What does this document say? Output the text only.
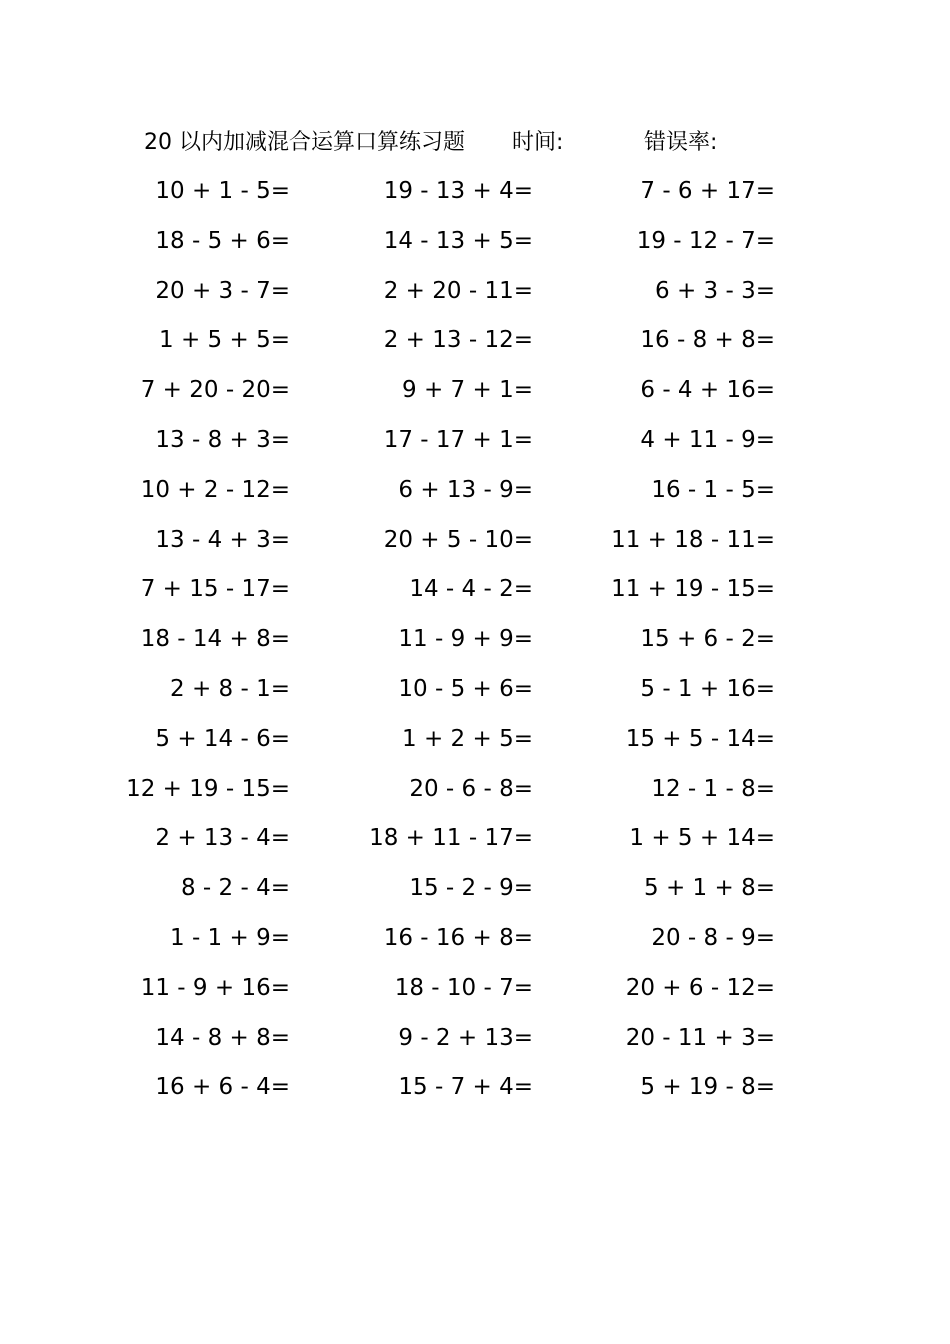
20 以内加减混合运算口算练习题 时间:	错误率:
10 + 1 - 5=	19 - 13 + 4=	7 - 6 + 17=
18 - 5 + 6=	14 - 13 + 5=	19 - 12 - 7=
20 + 3 - 7=	2 + 20 - 11=	6 + 3 - 3=
1 + 5 + 5=	2 + 13 - 12=	16 - 8 + 8=
7 + 20 - 20=	9 + 7 + 1=	6 - 4 + 16=
13 - 8 + 3=	17 - 17 + 1=	4 + 11 - 9=
10 + 2 - 12=	6 + 13 - 9=	16 - 1 - 5=
13 - 4 + 3=	20 + 5 - 10=	11 + 18 - 11=
7 + 15 - 17=	14 - 4 - 2=	11 + 19 - 15=
18 - 14 + 8=	11 - 9 + 9=	15 + 6 - 2=
2 + 8 - 1=	10 - 5 + 6=	5 - 1 + 16=
5 + 14 - 6=	1 + 2 + 5=	15 + 5 - 14=
12 + 19 - 15=	20 - 6 - 8=	12 - 1 - 8=
2 + 13 - 4=	18 + 11 - 17=	1 + 5 + 14=
8 - 2 - 4=	15 - 2 - 9=	5 + 1 + 8=
1 - 1 + 9=	16 - 16 + 8=	20 - 8 - 9=
11 - 9 + 16=	18 - 10 - 7=	20 + 6 - 12=
14 - 8 + 8=	9 - 2 + 13=	20 - 11 + 3=
16 + 6 - 4=	15 - 7 + 4=	5 + 19 - 8=
